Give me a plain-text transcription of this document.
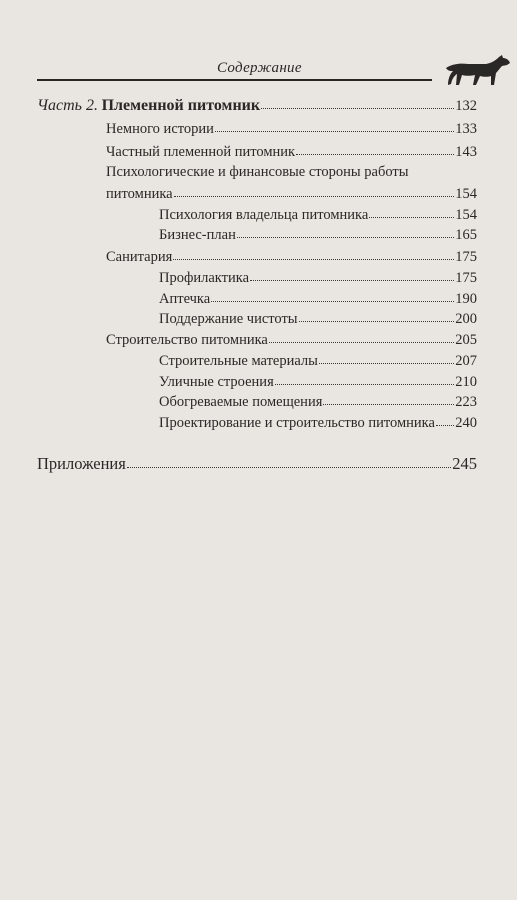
Содержание
Часть 2. Племенной питомник	132
Немного истории	133
Частный племенной питомник	143
Психологические и финансовые стороны работы
питомника	154
Психология владельца питомника	154
Бизнес-план	165
Санитария	175
Профилактика	175
Аптечка	190
Поддержание чистоты	200
Строительство питомника	205
Строительные материалы	207
Уличные строения	210
Обогреваемые помещения	223
Проектирование и строительство питомника 240
Приложения	245
